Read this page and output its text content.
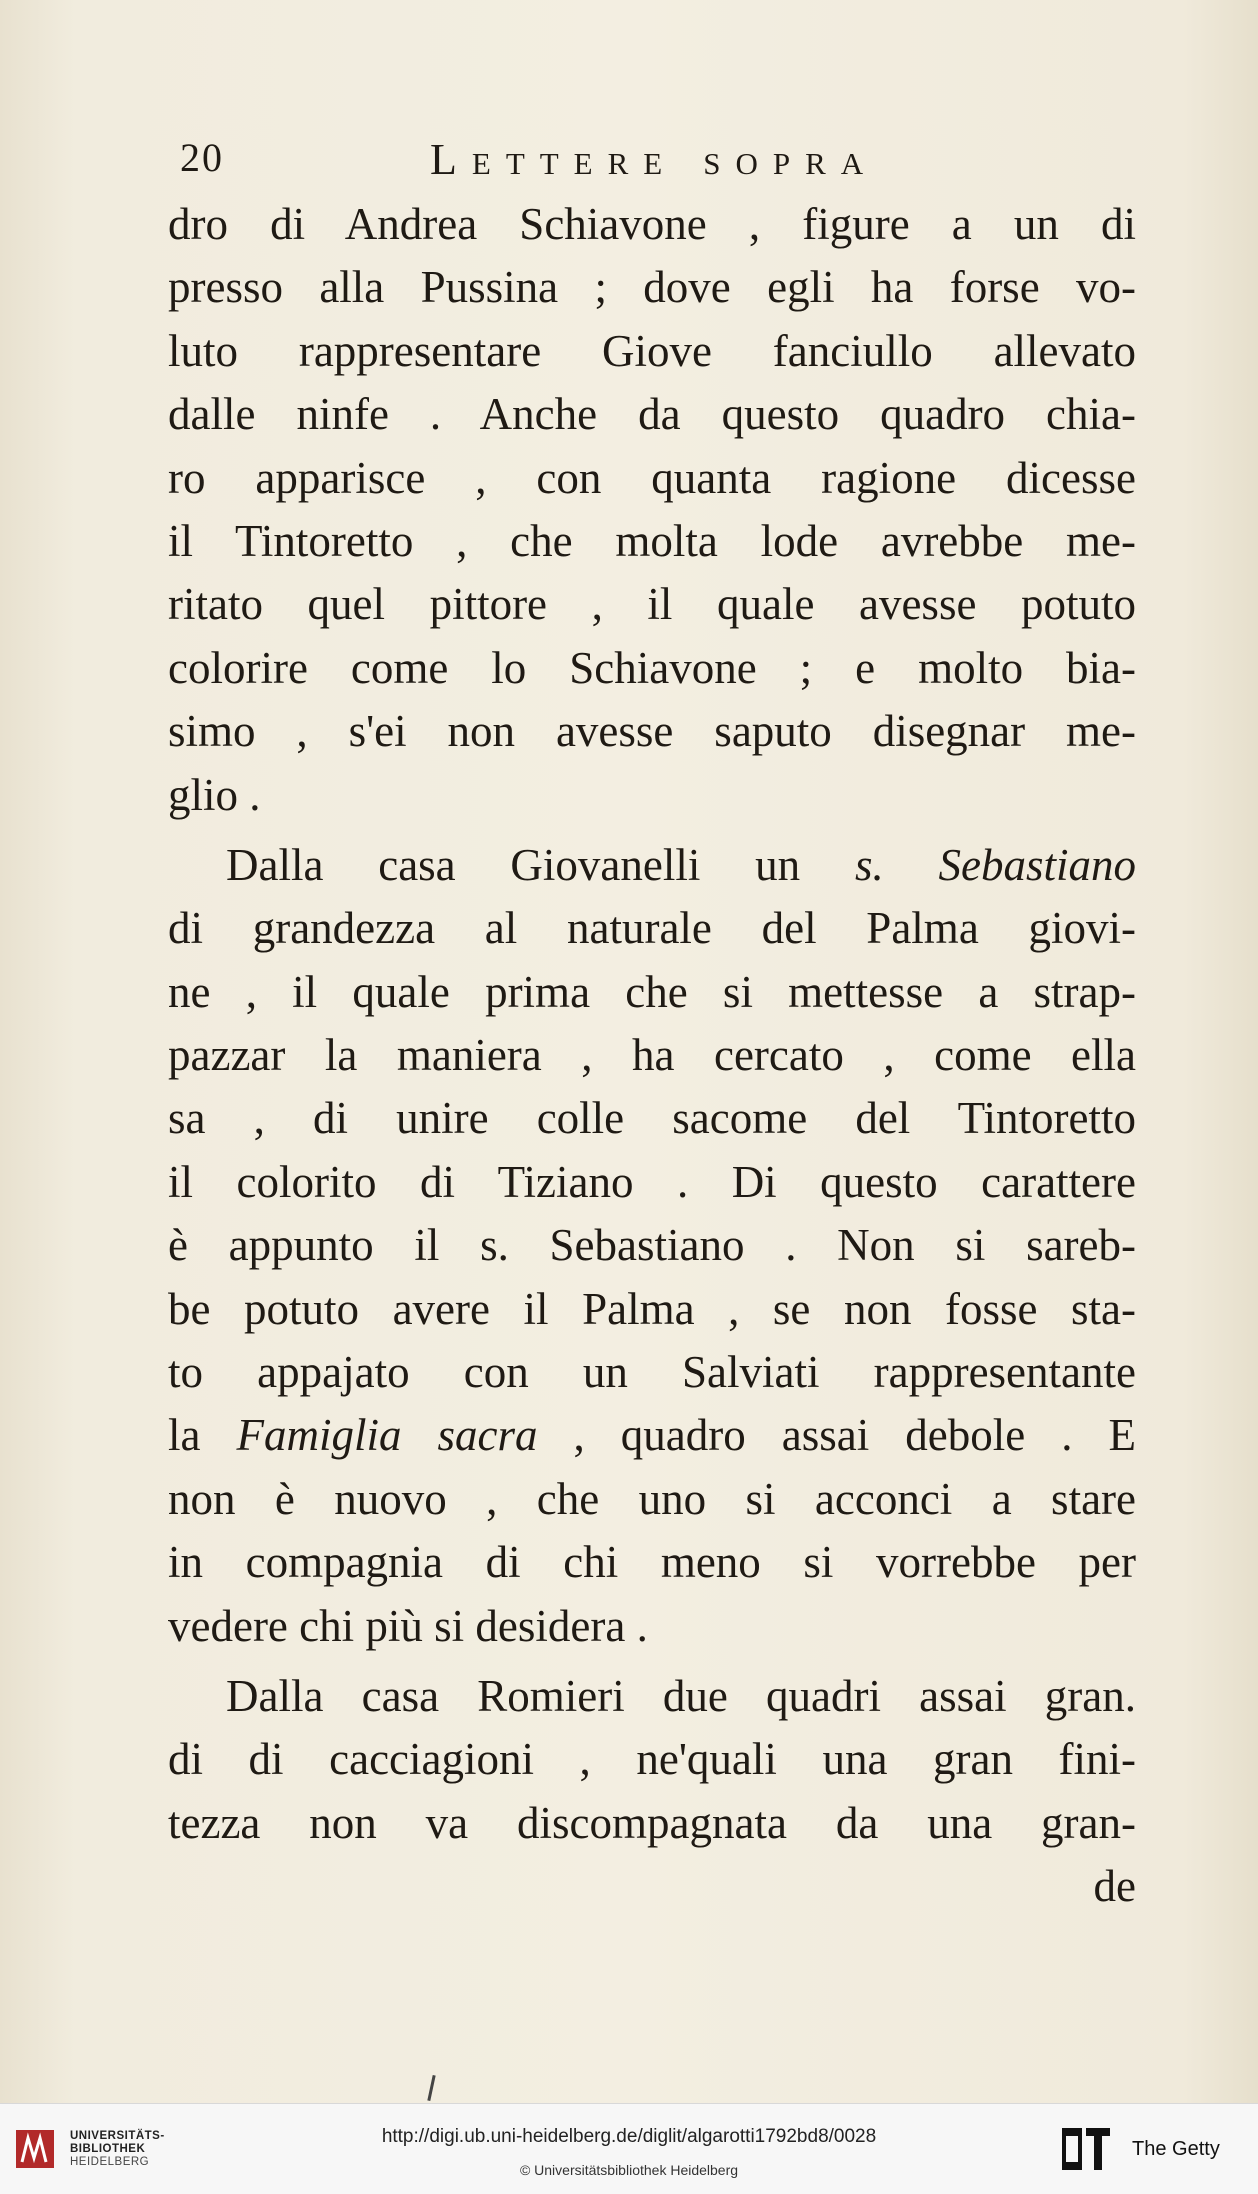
20	Lettere sopra
dro di Andrea Schiavone , figure a un di
presso alla Pussina ; dove egli ha forse vo-
luto rappresentare Giove fanciullo allevato
dalle ninfe . Anche da questo quadro chia-
ro apparisce , con quanta ragione dicesse
il Tintoretto , che molta lode avrebbe me-
ritato quel pittore , il quale avesse potuto
colorire come lo Schiavone ; e molto bia-
simo , s'ei non avesse saputo disegnar me-
glio .
Dalla casa Giovanelli un s. Sebastiano
di grandezza al naturale del Palma giovi-
ne , il quale prima che si mettesse a strap-
pazzar la maniera , ha cercato , come ella
sa , di unire colle sacome del Tintoretto
il colorito di Tiziano . Di questo carattere
è appunto il s. Sebastiano . Non si sareb-
be potuto avere il Palma , se non fosse sta-
to appajato con un Salviati rappresentante
la Famiglia sacra , quadro assai debole . E
non è nuovo , che uno si acconci a stare
in compagnia di chi meno si vorrebbe per
vedere chi più si desidera .
Dalla casa Romieri due quadri assai gran.
di di cacciagioni , ne'quali una gran fini-
tezza non va discompagnata da una gran-
de
UNIVERSITÄTS-
BIBLIOTHEK
HEIDELBERG
http://digi.ub.uni-heidelberg.de/diglit/algarotti1792bd8/0028
© Universitätsbibliothek Heidelberg
The Getty
